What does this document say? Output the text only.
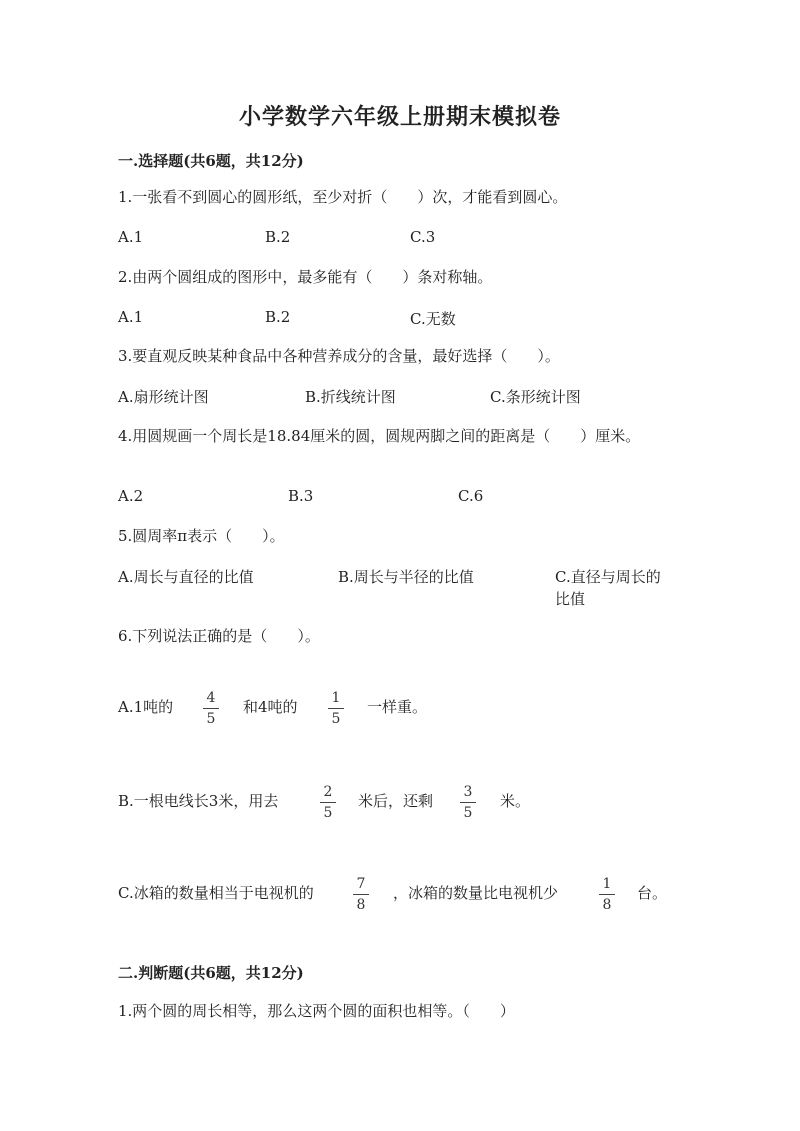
小学数学六年级上册期末模拟卷
一.选择题(共6题，共12分)
1.一张看不到圆心的圆形纸，至少对折（　　）次，才能看到圆心。
A.1	B.2	C.3
2.由两个圆组成的图形中，最多能有（　　）条对称轴。
A.1	B.2	C.无数
3.要直观反映某种食品中各种营养成分的含量，最好选择（　　）。
A.扇形统计图	B.折线统计图	C.条形统计图
4.用圆规画一个周长是18.84厘米的圆，圆规两脚之间的距离是（　　）厘米。
A.2	B.3	C.6
5.圆周率π表示（　　）。
A.周长与直径的比值	B.周长与半径的比值	C.直径与周长的比值
6.下列说法正确的是（　　）。
A.1吨的	4
5
和4吨的	1
5
一样重。
B.一根电线长3米，用去	2
5
米后，还剩	3
5
米。
C.冰箱的数量相当于电视机的	7
8
，冰箱的数量比电视机少	1
8
台。
二.判断题(共6题，共12分)
1.两个圆的周长相等，那么这两个圆的面积也相等。（　　）
